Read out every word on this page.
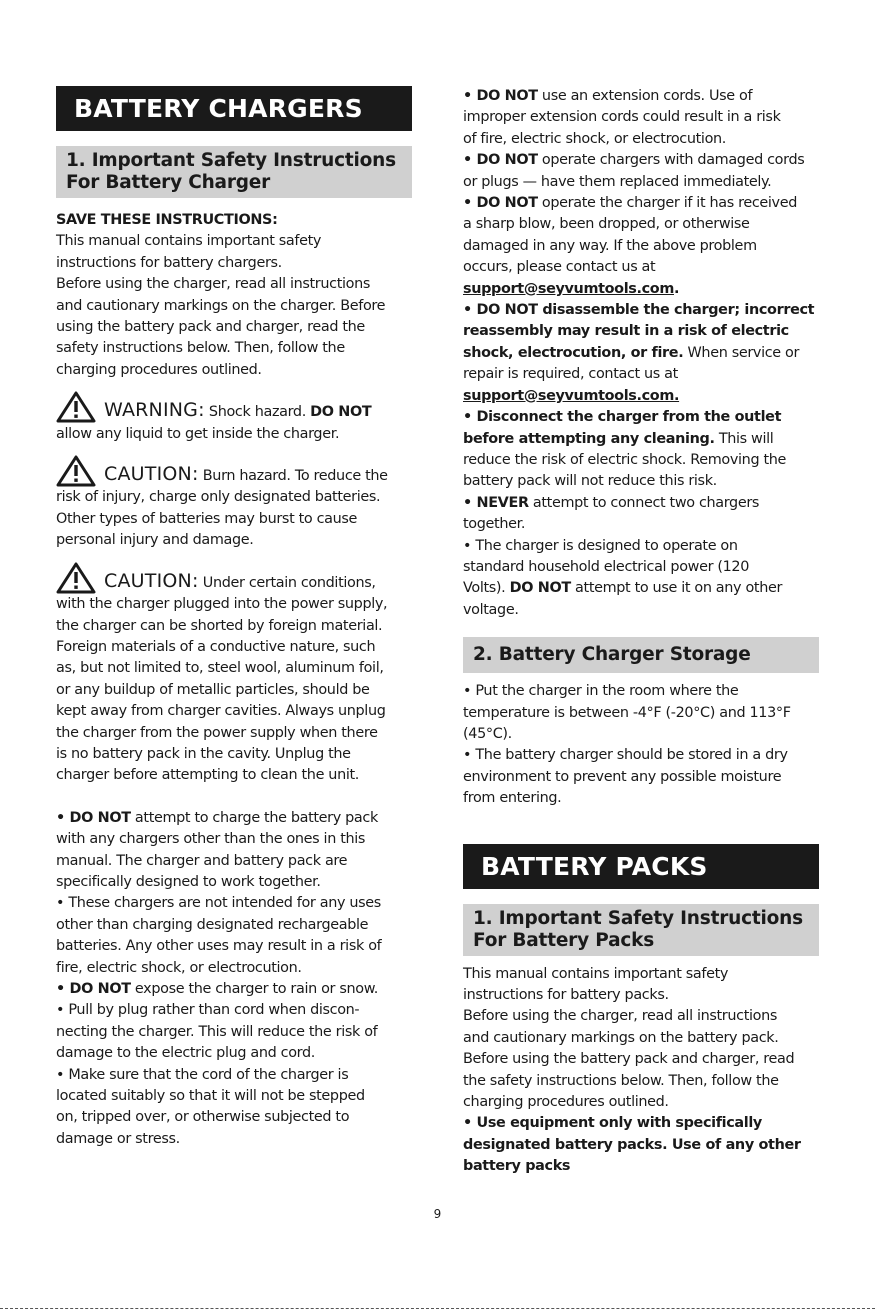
BATTERY CHARGERS
1. Important Safety Instructions
For Battery Charger

SAVE THESE INSTRUCTIONS:

This manual contains important safety

instructions for battery chargers.

Before using the charger, read all instructions

and cautionary markings on the charger. Before

using the battery pack and charger, read the

safety instructions below. Then, follow the

charging procedures outlined.

WARNING: Shock hazard. DO NOT

allow any liquid to get inside the charger.

CAUTION: Burn hazard. To reduce the

risk of injury, charge only designated batteries.

Other types of batteries may burst to cause

personal injury and damage.

CAUTION: Under certain conditions,

with the charger plugged into the power supply,

the charger can be shorted by foreign material.

Foreign materials of a conductive nature, such

as, but not limited to, steel wool, aluminum foil,

or any buildup of metallic particles, should be

kept away from charger cavities. Always unplug

the charger from the power supply when there

is no battery pack in the cavity. Unplug the

charger before attempting to clean the unit.

• DO NOT attempt to charge the battery pack

with any chargers other than the ones in this

manual. The charger and battery pack are

specifically designed to work together.

• These chargers are not intended for any uses

other than charging designated rechargeable

batteries. Any other uses may result in a risk of

fire, electric shock, or electrocution.

• DO NOT expose the charger to rain or snow.

• Pull by plug rather than cord when discon-

necting the charger. This will reduce the risk of

damage to the electric plug and cord.

• Make sure that the cord of the charger is

located suitably so that it will not be stepped

on, tripped over, or otherwise subjected to

damage or stress.

• DO NOT use an extension cords. Use of

improper extension cords could result in a risk

of fire, electric shock, or electrocution.

• DO NOT operate chargers with damaged cords

or plugs — have them replaced immediately.

• DO NOT operate the charger if it has received

a sharp blow, been dropped, or otherwise

damaged in any way. If the above problem

occurs, please contact us at

support@seyvumtools.com.

• DO NOT disassemble the charger; incorrect

reassembly may result in a risk of electric

shock, electrocution, or fire. When service or

repair is required, contact us at

support@seyvumtools.com.

• Disconnect the charger from the outlet

before attempting any cleaning. This will

reduce the risk of electric shock. Removing the

battery pack will not reduce this risk.

• NEVER attempt to connect two chargers

together.

• The charger is designed to operate on

standard household electrical power (120

Volts). DO NOT attempt to use it on any other

voltage.

2. Battery Charger Storage

• Put the charger in the room where the

temperature is between -4°F (-20°C) and 113°F

(45°C).

• The battery charger should be stored in a dry

environment to prevent any possible moisture

from entering.

BATTERY PACKS
1. Important Safety Instructions
For Battery Packs

This manual contains important safety

instructions for battery packs.

Before using the charger, read all instructions

and cautionary markings on the battery pack.

Before using the battery pack and charger, read

the safety instructions below. Then, follow the

charging procedures outlined.

• Use equipment only with specifically

designated battery packs. Use of any other

battery packs

9
